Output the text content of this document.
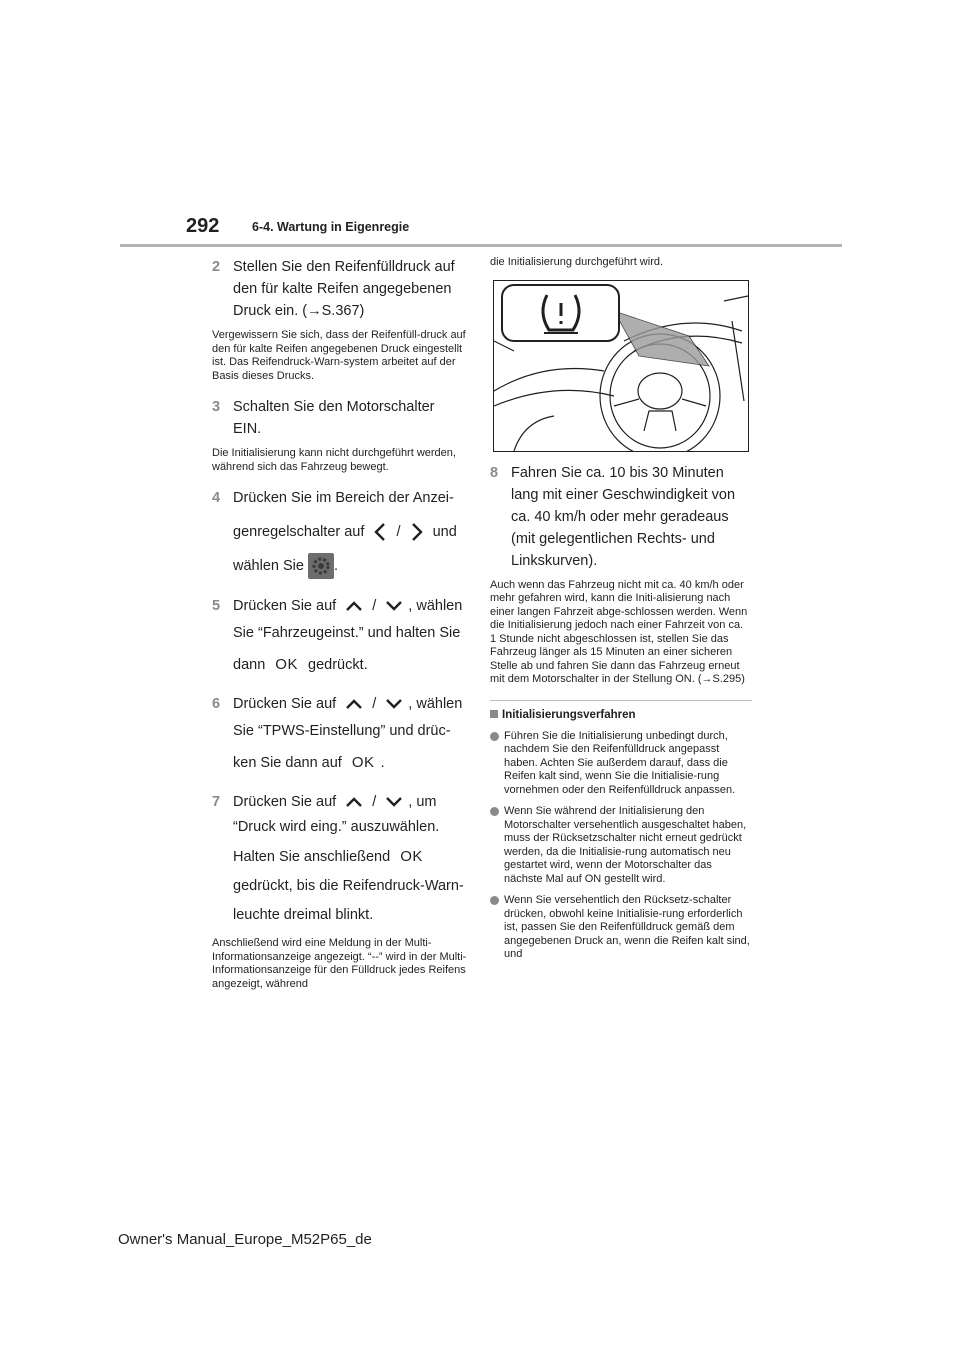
292	6-4. Wartung in Eigenregie
2 Stellen Sie den Reifenfülldruck auf

den für kalte Reifen angegebenen

Druck ein. (→S.367)

Vergewissern Sie sich, dass der Reifenfüll-druck auf den für kalte Reifen angegebenen Druck eingestellt ist. Das Reifendruck-Warn-system arbeitet auf der Basis dieses Drucks.

3 Schalten Sie den Motorschalter

EIN.

Die Initialisierung kann nicht durchgeführt werden, während sich das Fahrzeug bewegt.

4 Drücken Sie im Bereich der Anzei-

genregelschalter auf / und

wählen Sie .

5 Drücken Sie auf / , wählen

Sie “Fahrzeugeinst.” und halten Sie

dann OK gedrückt.

6 Drücken Sie auf / , wählen

Sie “TPWS-Einstellung” und drüc-

ken Sie dann auf OK .

7 Drücken Sie auf / , um

“Druck wird eing.” auszuwählen.

Halten Sie anschließend OK

gedrückt, bis die Reifendruck-Warn-

leuchte dreimal blinkt.

Anschließend wird eine Meldung in der Multi-Informationsanzeige angezeigt. “--” wird in der Multi-Informationsanzeige für den Fülldruck jedes Reifens angezeigt, während

die Initialisierung durchgeführt wird.

8 Fahren Sie ca. 10 bis 30 Minuten

lang mit einer Geschwindigkeit von

ca. 40 km/h oder mehr geradeaus

(mit gelegentlichen Rechts- und

Linkskurven).

Auch wenn das Fahrzeug nicht mit ca. 40 km/h oder mehr gefahren wird, kann die Initi-alisierung nach einer langen Fahrzeit abge-schlossen werden. Wenn die Initialisierung jedoch nach einer Fahrzeit von ca. 1 Stunde nicht abgeschlossen ist, stellen Sie das Fahrzeug länger als 15 Minuten an einer sicheren Stelle ab und fahren Sie dann das Fahrzeug erneut mit dem Motorschalter in der Stellung ON. (→S.295)

Initialisierungsverfahren

Führen Sie die Initialisierung unbedingt durch, nachdem Sie den Reifenfülldruck angepasst haben. Achten Sie außerdem darauf, dass die Reifen kalt sind, wenn Sie die Initialisie-rung vornehmen oder den Reifenfülldruck anpassen.
Wenn Sie während der Initialisierung den Motorschalter versehentlich ausgeschaltet haben, muss der Rücksetzschalter nicht erneut gedrückt werden, da die Initialisie-rung automatisch neu gestartet wird, wenn der Motorschalter das nächste Mal auf ON gestellt wird.
Wenn Sie versehentlich den Rücksetz-schalter drücken, obwohl keine Initialisie-rung erforderlich ist, passen Sie den Reifenfülldruck gemäß dem angegebenen Druck an, wenn die Reifen kalt sind, und
Owner's Manual_Europe_M52P65_de
